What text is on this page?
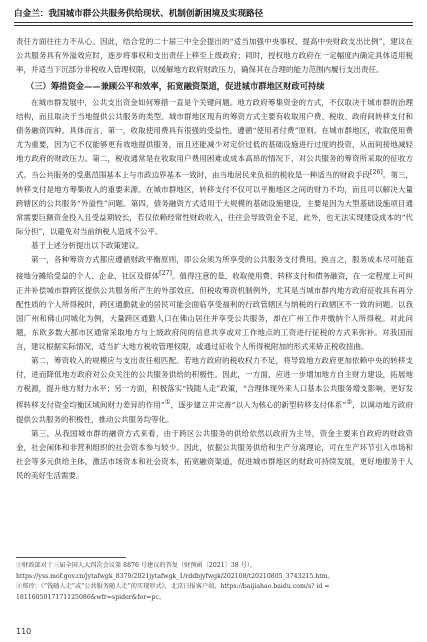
白金兰：我国城市群公共服务供给现状、机制创新困境及实现路径

责任方面往往力不从心。因此，结合党的二十届三中全会提出的“适当加强中央事权、提高中央财政支出比例”，建议在公共服务具有外溢效应时，逐步将事权和支出责任上移至上级政府；同时，授权地方政府在一定幅度内确定具体适用税率，并适当下沉部分非税收入管理权限，以缓解地方政府财政压力，确保其在合理的能力范围内履行支出责任。

（三）筹措资金——兼顾公平和效率，拓宽融资渠道，促进城市群地区财政可持续

在城市群发展中，公共支出资金如何筹措一直是个关键问题。地方政府筹集资金的方式，不仅取决于城市群的治理结构，而且取决于当地提供公共服务的类型。城市群地区现有的筹资方式主要有收取用户费、税收、政府间转移支付和债务融资四种。具体而言，第一，收取使用费具有很强的受益性，遵循“使用者付费”原则。在城市群地区，收取使用费尤为重要，因为它不仅能够更有效地提供服务，而且还能减少对定价过低的基础设施进行过度的投资，从而间接地减轻地方政府的财政压力。第二，税收通常是在收取用户费用困难或成本高昂的情况下，对公共服务的筹资所采取的征收方式。当公共服务的受惠范围基本上与市政边界基本一致时，由当地居民来负担的税收是一种适当的财政手段[26]。第三，转移支付是地方筹集收入的重要来源。在城市群地区，转移支付不仅可以平衡地区之间的财力不均，而且可以解决大量跨辖区的公共服务“外溢性”问题。第四，债务融资方式适用于大规模的基础设施建设，主要是因为大型基础设施项目通常需要巨额资金投入且受益期较长，若仅依赖经常性财政收入，往往会导致资金不足，此外，也无法实现建设成本的“代际分担”，以避免对当前纳税人造成不公平。

基于上述分析提出以下政策建议。

第一，各种筹资方式都应遵循财政平衡原则，即公众须为所享受的公共服务支付费用。换言之，服务成本尽可能直接地分摊给受益的个人、企业、社区及群体[27]。值得注意的是，收取使用费、转移支付和债务融资，在一定程度上可纠正并补偿城市群跨区提供公共服务所产生的外部效应。但税收筹资机制例外，尤其是当城市群内地方政府征收具有再分配性质的个人所得税时，跨区通勤就业的居民可能会面临享受福利的行政管辖区与纳税的行政辖区不一致的问题。以我国广州和佛山同城化为例，大量跨区通勤人口在佛山居住并享受公共服务，却在广州工作并缴纳个人所得税。对此问题，东欧多数大都市区通常采取地方与上级政府间的信息共享或对工作地点的工资进行征税的方式来弥补。对我国而言，建议根据实际情况，适当扩大地方税收管理权限，或通过征收个人所得税附加的形式来矫正税收扭曲。

第二，筹资收入的规模应与支出责任相匹配。若地方政府的税收权力不足，将导致地方政府更加依赖中央的转移支付，进而降低地方政府对公众关注的公共服务供给的积极性。因此，一方面，应进一步增加地方自主财力建设，拓展地方税源，提升地方财力水平；另一方面，积极落实“钱随人走”政策，“合理体现外来人口基本公共服务增支影响，更好发挥转移支付资金均衡区域间财力差异的作用”①，逐步建立并完善“以人为核心的新型转移支付体系”②，以调动地方政府提供公共服务的积极性，推动公共服务均等化。

第三，从我国城市群的融资方式来看，由于跨区公共服务的供给依然以政府为主导，资金主要来自政府的财政资金，社会闲体和非营利组织的社会资本参与较少。因此，依据公共服务供给和生产分离理论，可在生产环节引入市场和社会等多元供给主体，激活市场资本和社会资本，拓宽融资渠道，促进城市群地区的财政可持续发展，更好地服务于人民的美好生活需要。

①财政部对十三届全国人大四次会议第 8876 号建议的答复（财预函〔2021〕38 号），https://yss.mof.gov.cn/jytafwgk_8379/2021jytafwgk_1/rddbjyfwgk/202108/t20210805_3743215.htm。

②郑玲：《“钱随人走”或“公共服务随人走”的实现形式》，北京日报客户端，https://baijiahao.baidu.com/s? id = 1811605017171125086&wfr=spider&for=pc。

110
